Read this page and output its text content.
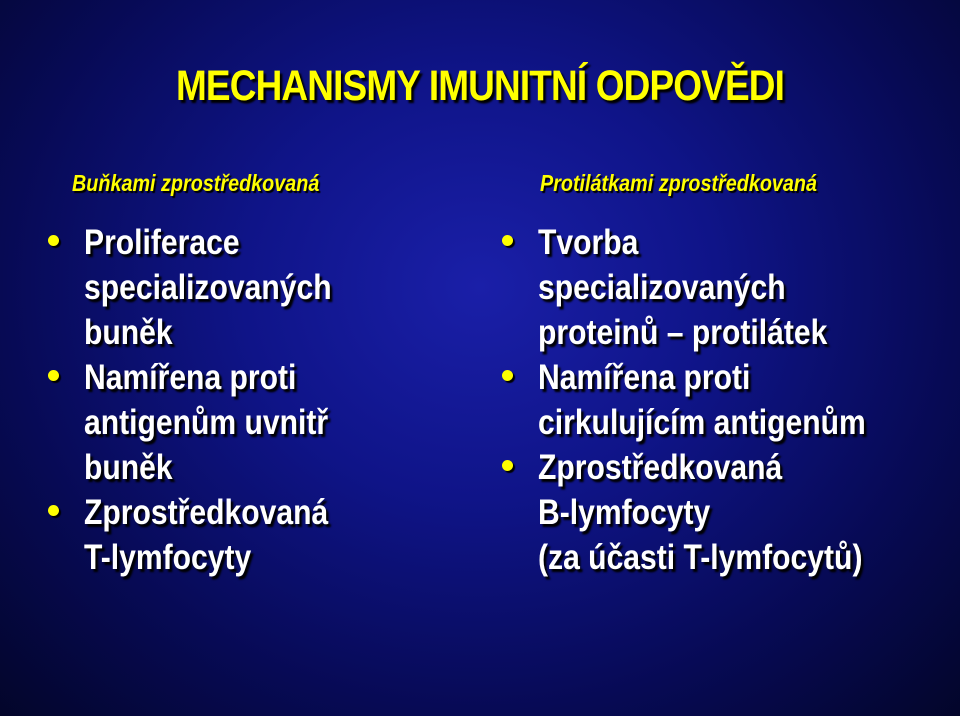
MECHANISMY IMUNITNÍ ODPOVĚDI
Buňkami zprostředkovaná
Proliferace
specializovaných
buněk
Namířena proti
antigenům uvnitř
buněk
Zprostředkovaná
T-lymfocyty
Protilátkami zprostředkovaná
Tvorba
specializovaných
proteinů – protilátek
Namířena proti
cirkulujícím antigenům
Zprostředkovaná
B-lymfocyty
(za účasti T-lymfocytů)
